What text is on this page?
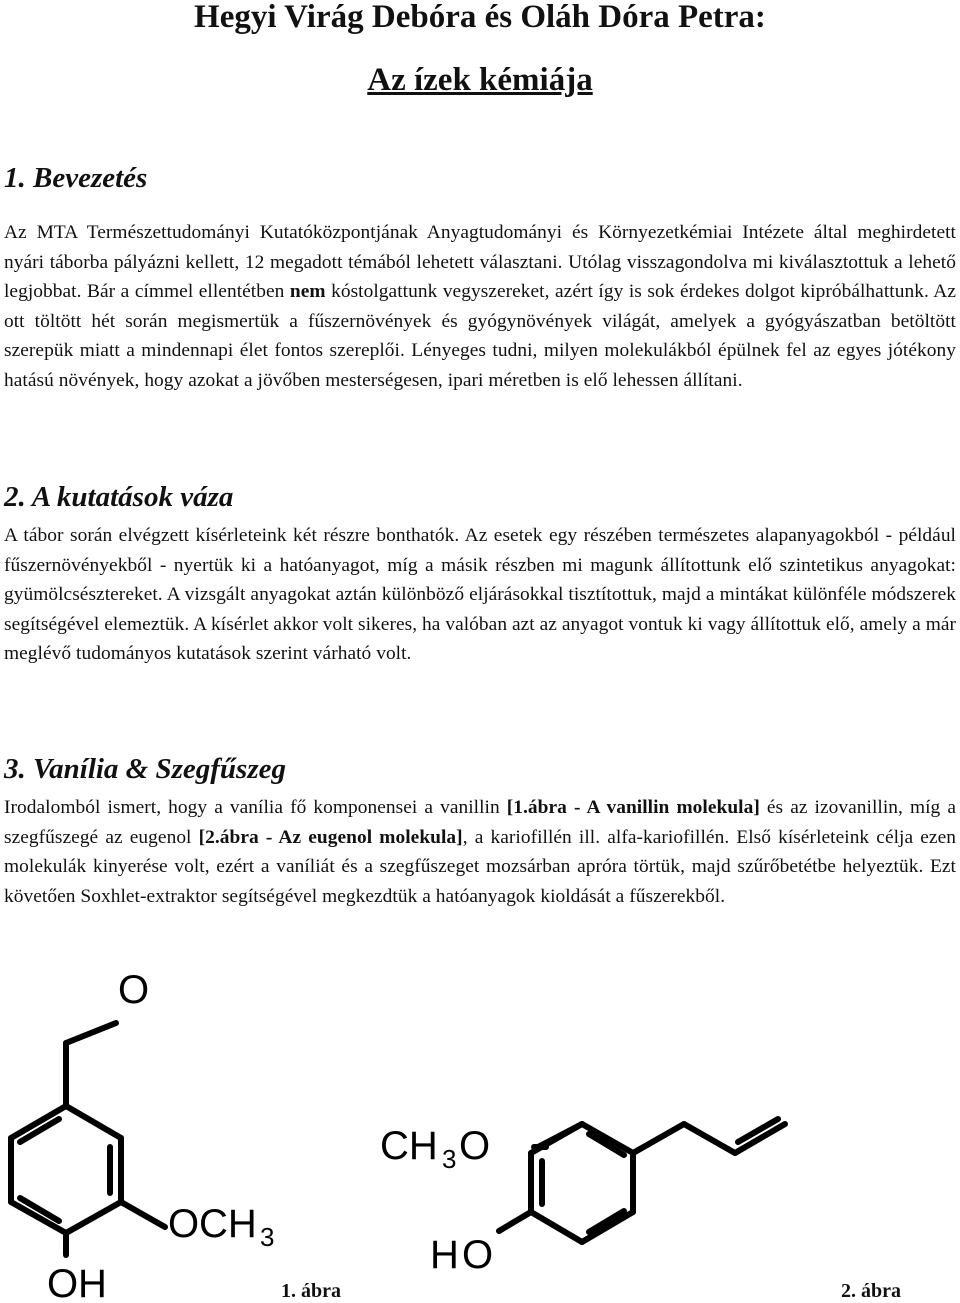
Hegyi Virág Debóra és Oláh Dóra Petra:
Az ízek kémiája
1. Bevezetés

Az MTA Természettudományi Kutatóközpontjának Anyagtudományi és Környezetkémiai Intézete által meghirdetett nyári táborba pályázni kellett, 12 megadott témából lehetett választani. Utólag visszagondolva mi kiválasztottuk a lehető legjobbat. Bár a címmel ellentétben nem kóstolgattunk vegyszereket, azért így is sok érdekes dolgot kipróbálhattunk. Az ott töltött hét során megismertük a fűszernövények és gyógynövények világát, amelyek a gyógyászatban betöltött szerepük miatt a mindennapi élet fontos szereplői. Lényeges tudni, milyen molekulákból épülnek fel az egyes jótékony hatású növények, hogy azokat a jövőben mesterségesen, ipari méretben is elő lehessen állítani.

2. A kutatások váza

A tábor során elvégzett kísérleteink két részre bonthatók. Az esetek egy részében természetes alapanyagokból - például fűszernövényekből - nyertük ki a hatóanyagot, míg a másik részben mi magunk állítottunk elő szintetikus anyagokat: gyümölcsésztereket. A vizsgált anyagokat aztán különböző eljárásokkal tisztítottuk, majd a mintákat különféle módszerek segítségével elemeztük. A kísérlet akkor volt sikeres, ha valóban azt az anyagot vontuk ki vagy állítottuk elő, amely a már meglévő tudományos kutatások szerint várható volt.

3. Vanília & Szegfűszeg

Irodalomból ismert, hogy a vanília fő komponensei a vanillin [1.ábra - A vanillin molekula] és az izovanillin, míg a szegfűszegé az eugenol [2.ábra - Az eugenol molekula], a kariofillén ill. alfa-kariofillén. Első kísérleteink célja ezen molekulák kinyerése volt, ezért a vaníliát és a szegfűszeget mozsárban apróra törtük, majd szűrőbetétbe helyeztük. Ezt követően Soxhlet-extraktor segítségével megkezdtük a hatóanyagok kioldását a fűszerekből.

O
O CH 3
O H
CH 3 O
H O

1. ábra	2. ábra
